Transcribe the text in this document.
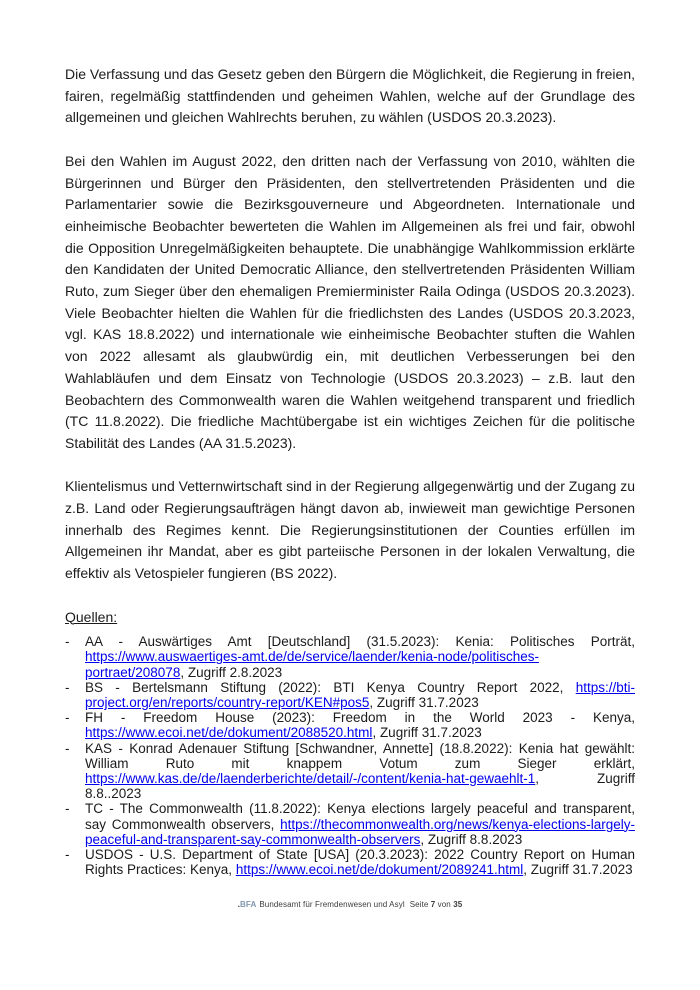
Die Verfassung und das Gesetz geben den Bürgern die Möglichkeit, die Regierung in freien, fairen, regelmäßig stattfindenden und geheimen Wahlen, welche auf der Grundlage des allgemeinen und gleichen Wahlrechts beruhen, zu wählen (USDOS 20.3.2023).

Bei den Wahlen im August 2022, den dritten nach der Verfassung von 2010, wählten die Bürgerinnen und Bürger den Präsidenten, den stellvertretenden Präsidenten und die Parlamentarier sowie die Bezirksgouverneure und Abgeordneten. Internationale und einheimische Beobachter bewerteten die Wahlen im Allgemeinen als frei und fair, obwohl die Opposition Unregelmäßigkeiten behauptete. Die unabhängige Wahlkommission erklärte den Kandidaten der United Democratic Alliance, den stellvertretenden Präsidenten William Ruto, zum Sieger über den ehemaligen Premierminister Raila Odinga (USDOS 20.3.2023). Viele Beobachter hielten die Wahlen für die friedlichsten des Landes (USDOS 20.3.2023, vgl. KAS 18.8.2022) und internationale wie einheimische Beobachter stuften die Wahlen von 2022 allesamt als glaubwürdig ein, mit deutlichen Verbesserungen bei den Wahlabläufen und dem Einsatz von Technologie (USDOS 20.3.2023) – z.B. laut den Beobachtern des Commonwealth waren die Wahlen weitgehend transparent und friedlich (TC 11.8.2022). Die friedliche Machtübergabe ist ein wichtiges Zeichen für die politische Stabilität des Landes (AA 31.5.2023).

Klientelismus und Vetternwirtschaft sind in der Regierung allgegenwärtig und der Zugang zu z.B. Land oder Regierungsaufträgen hängt davon ab, inwieweit man gewichtige Personen innerhalb des Regimes kennt. Die Regierungsinstitutionen der Counties erfüllen im Allgemeinen ihr Mandat, aber es gibt parteiische Personen in der lokalen Verwaltung, die effektiv als Vetospieler fungieren (BS 2022).

Quellen:

- AA - Auswärtiges Amt [Deutschland] (31.5.2023): Kenia: Politisches Porträt, https://www.auswaertiges-amt.de/de/service/laender/kenia-node/politisches-portraet/208078, Zugriff 2.8.2023
- BS - Bertelsmann Stiftung (2022): BTI Kenya Country Report 2022, https://bti-project.org/en/reports/country-report/KEN#pos5, Zugriff 31.7.2023
- FH - Freedom House (2023): Freedom in the World 2023 - Kenya, https://www.ecoi.net/de/dokument/2088520.html, Zugriff 31.7.2023
- KAS - Konrad Adenauer Stiftung [Schwandner, Annette] (18.8.2022): Kenia hat gewählt: William Ruto mit knappem Votum zum Sieger erklärt, https://www.kas.de/de/laenderberichte/detail/-/content/kenia-hat-gewaehlt-1, Zugriff 8.8..2023
- TC - The Commonwealth (11.8.2022): Kenya elections largely peaceful and transparent, say Commonwealth observers, https://thecommonwealth.org/news/kenya-elections-largely-peaceful-and-transparent-say-commonwealth-observers, Zugriff 8.8.2023
- USDOS - U.S. Department of State [USA] (20.3.2023): 2022 Country Report on Human Rights Practices: Kenya, https://www.ecoi.net/de/dokument/2089241.html, Zugriff 31.7.2023
.BFA Bundesamt für Fremdenwesen und Asyl Seite 7 von 35
